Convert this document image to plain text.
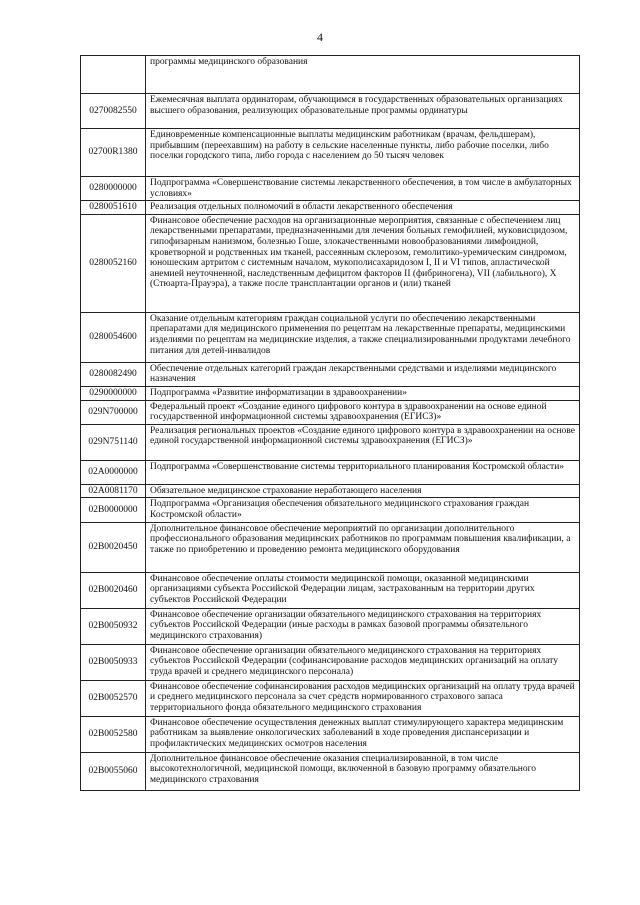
4
	программы медицинского образования
0270082550	Ежемесячная выплата ординаторам, обучающимся в государственных образовательных организациях высшего образования, реализующих образовательные программы ординатуры
02700R1380	Единовременные компенсационные выплаты медицинским работникам (врачам, фельдшерам), прибывшим (переехавшим) на работу в сельские населенные пункты, либо рабочие поселки, либо поселки городского типа, либо города с населением до 50 тысяч человек
0280000000	Подпрограмма «Совершенствование системы лекарственного обеспечения, в том числе в амбулаторных условиях»
0280051610	Реализация отдельных полномочий в области лекарственного обеспечения
0280052160	Финансовое обеспечение расходов на организационные мероприятия, связанные с обеспечением лиц лекарственными препаратами, предназначенными для лечения больных гемофилией, муковисцидозом, гипофизарным нанизмом, болезнью Гоше, злокачественными новообразованиями лимфоидной, кроветворной и родственных им тканей, рассеянным склерозом, гемолитико-уремическим синдромом, юношеским артритом с системным началом, мукополисахаридозом I, II и VI типов, апластической анемией неуточненной, наследственным дефицитом факторов II (фибриногена), VII (лабильного), X (Стюарта-Прауэра), а также после трансплантации органов и (или) тканей
0280054600	Оказание отдельным категориям граждан социальной услуги по обеспечению лекарственными препаратами для медицинского применения по рецептам на лекарственные препараты, медицинскими изделиями по рецептам на медицинские изделия, а также специализированными продуктами лечебного питания для детей-инвалидов
0280082490	Обеспечение отдельных категорий граждан лекарственными средствами и изделиями медицинского назначения
0290000000	Подпрограмма «Развитие информатизации в здравоохранении»
029N700000	Федеральный проект «Создание единого цифрового контура в здравоохранении на основе единой государственной информационной системы здравоохранения (ЕГИСЗ)»
029N751140	Реализация региональных проектов «Создание единого цифрового контура в здравоохранении на основе единой государственной информационной системы здравоохранения (ЕГИСЗ)»
02A0000000	Подпрограмма «Совершенствование системы территориального планирования Костромской области»
02A0081170	Обязательное медицинское страхование неработающего населения
02B0000000	Подпрограмма «Организация обеспечения обязательного медицинского страхования граждан Костромской области»
02B0020450	Дополнительное финансовое обеспечение мероприятий по организации дополнительного профессионального образования медицинских работников по программам повышения квалификации, а также по приобретению и проведению ремонта медицинского оборудования
02B0020460	Финансовое обеспечение оплаты стоимости медицинской помощи, оказанной медицинскими организациями субъекта Российской Федерации лицам, застрахованным на территории других субъектов Российской Федерации
02B0050932	Финансовое обеспечение организации обязательного медицинского страхования на территориях субъектов Российской Федерации (иные расходы в рамках базовой программы обязательного медицинского страхования)
02B0050933	Финансовое обеспечение организации обязательного медицинского страхования на территориях субъектов Российской Федерации (софинансирование расходов медицинских организаций на оплату труда врачей и среднего медицинского персонала)
02B0052570	Финансовое обеспечение софинансирования расходов медицинских организаций на оплату труда врачей и среднего медицинского персонала за счет средств нормированного страхового запаса территориального фонда обязательного медицинского страхования
02B0052580	Финансовое обеспечение осуществления денежных выплат стимулирующего характера медицинским работникам за выявление онкологических заболеваний в ходе проведения диспансеризации и профилактических медицинских осмотров населения
02B0055060	Дополнительное финансовое обеспечение оказания специализированной, в том числе высокотехнологичной, медицинской помощи, включенной в базовую программу обязательного медицинского страхования
